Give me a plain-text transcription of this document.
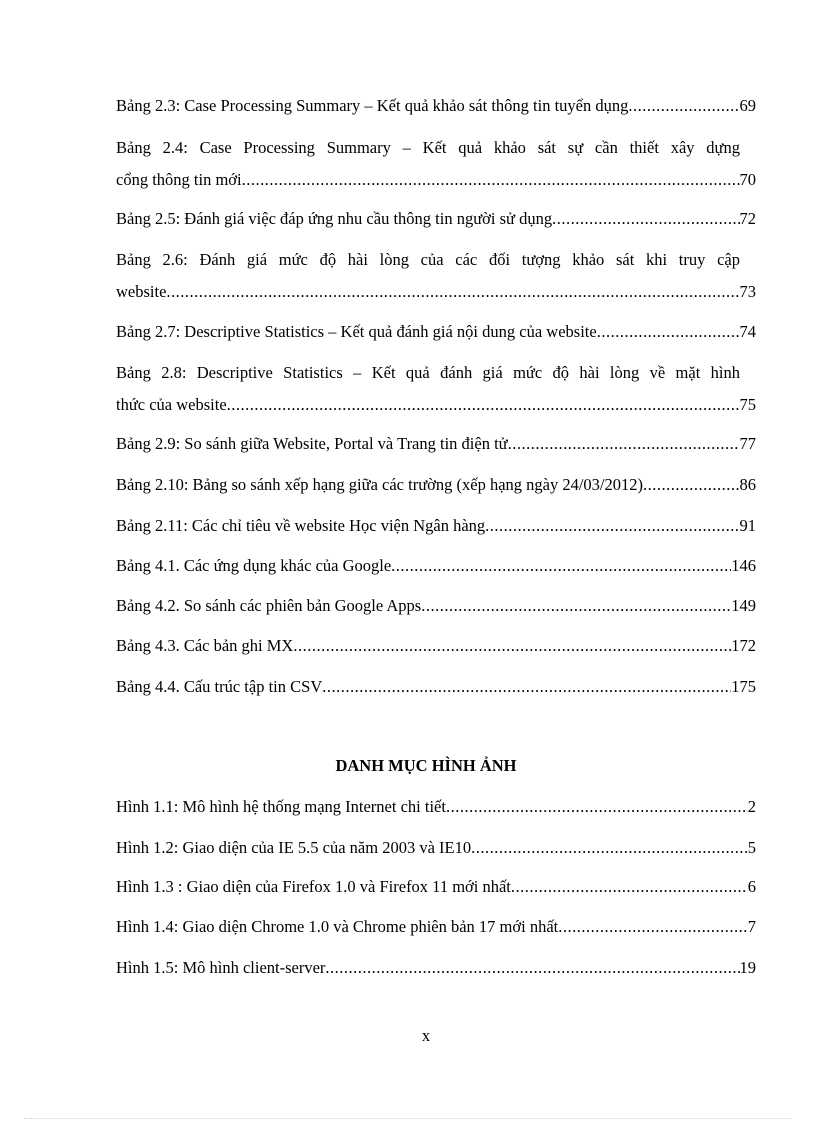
Bảng 2.3: Case Processing Summary – Kết quả khảo sát thông tin tuyển dụng .....	69
Bảng 2.4: Case Processing Summary – Kết quả khảo sát sự cần thiết xây dựng
cổng thông tin mới .....	70
Bảng 2.5: Đánh giá việc đáp ứng nhu cầu thông tin người sử dụng .....	72
Bảng 2.6: Đánh giá mức độ hài lòng của các đối tượng khảo sát khi truy cập
website .....	73
Bảng 2.7: Descriptive Statistics – Kết quả đánh giá nội dung của website .....	74
Bảng 2.8: Descriptive Statistics – Kết quả đánh giá mức độ hài lòng về mặt hình
thức của website .....	75
Bảng 2.9: So sánh giữa Website, Portal và Trang tin điện tử .....	77
Bảng 2.10: Bảng so sánh xếp hạng giữa các trường (xếp hạng ngày 24/03/2012) .....	86
Bảng 2.11: Các chỉ tiêu về website Học viện Ngân hàng .....	91
Bảng 4.1. Các ứng dụng khác của Google .....	146
Bảng 4.2. So sánh các phiên bản Google Apps .....	149
Bảng 4.3. Các bản ghi MX .....	172
Bảng 4.4. Cấu trúc tập tin CSV .....	175
DANH MỤC HÌNH ẢNH
Hình 1.1: Mô hình hệ thống mạng Internet chi tiết .....	2
Hình 1.2: Giao diện của IE 5.5 của năm 2003 và IE10 .....	5
Hình 1.3 : Giao diện của Firefox 1.0 và Firefox 11 mới nhất .....	6
Hình 1.4: Giao diện Chrome 1.0 và Chrome phiên bản 17 mới nhất .....	7
Hình 1.5: Mô hình client-server .....	19
x
